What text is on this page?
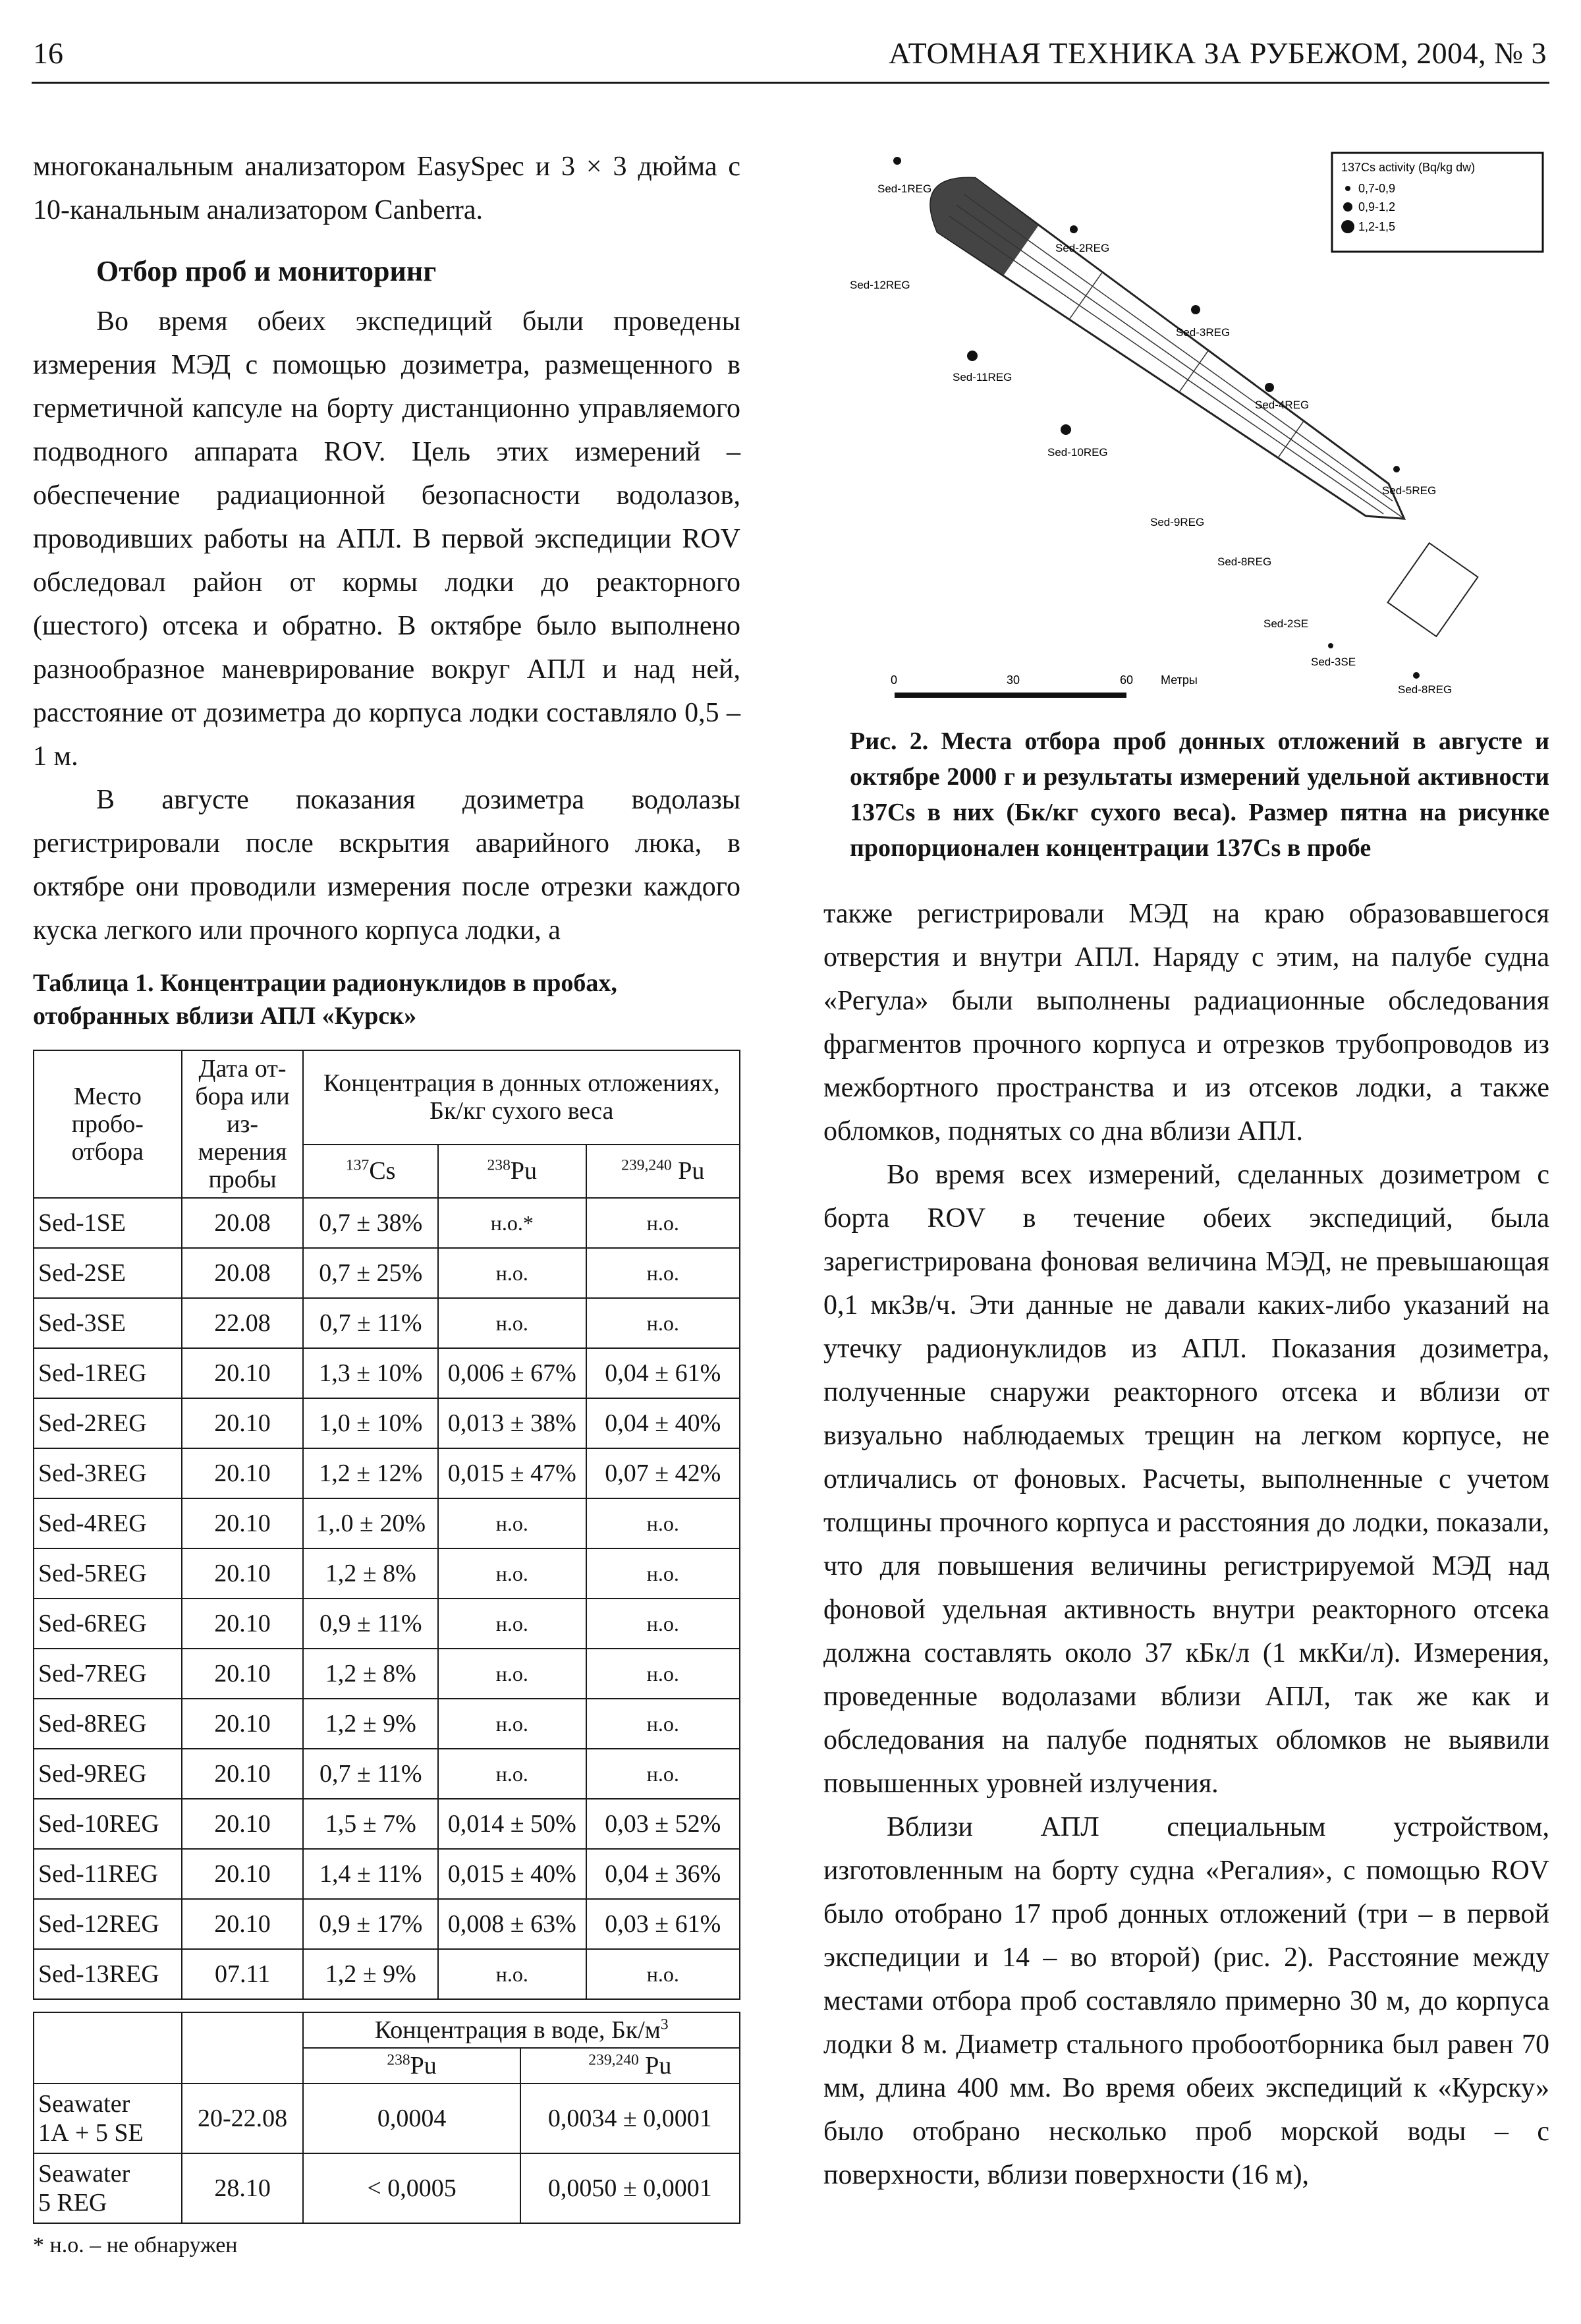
16	АТОМНАЯ ТЕХНИКА ЗА РУБЕЖОМ, 2004, № 3

многоканальным анализатором EasySpec и 3 × 3 дюйма с 10-канальным анализатором Canberra.

Отбор проб и мониторинг

Во время обеих экспедиций были проведены измерения МЭД с помощью дозиметра, размещенного в герметичной капсуле на борту дистанционно управляемого подводного аппарата ROV. Цель этих измерений – обеспечение радиационной безопасности водолазов, проводивших работы на АПЛ. В первой экспедиции ROV обследовал район от кормы лодки до реакторного (шестого) отсека и обратно. В октябре было выполнено разнообразное маневрирование вокруг АПЛ и над ней, расстояние от дозиметра до корпуса лодки составляло 0,5 – 1 м.

В августе показания дозиметра водолазы регистрировали после вскрытия аварийного люка, в октябре они проводили измерения после отрезки каждого куска легкого или прочного корпуса лодки, а

Таблица 1. Концентрации радионуклидов в пробах, отобранных вблизи АПЛ «Курск»
Место пробо-отбора	Дата от-бора или из-мерения пробы	Концентрация в донных отложениях, Бк/кг сухого веса		
		$^{137}$Cs	$^{238}$Pu	$^{239,240}$ Pu
Sed-1SE	20.08	0,7 ± 38%	н.о.*	н.о.
Sed-2SE	20.08	0,7 ± 25%	н.о.	н.о.
Sed-3SE	22.08	0,7 ± 11%	н.о.	н.о.
Sed-1REG	20.10	1,3 ± 10%	0,006 ± 67%	0,04 ± 61%
Sed-2REG	20.10	1,0 ± 10%	0,013 ± 38%	0,04 ± 40%
Sed-3REG	20.10	1,2 ± 12%	0,015 ± 47%	0,07 ± 42%
Sed-4REG	20.10	1,.0 ± 20%	н.о.	н.о.
Sed-5REG	20.10	1,2 ± 8%	н.о.	н.о.
Sed-6REG	20.10	0,9 ± 11%	н.о.	н.о.
Sed-7REG	20.10	1,2 ± 8%	н.о.	н.о.
Sed-8REG	20.10	1,2 ± 9%	н.о.	н.о.
Sed-9REG	20.10	0,7 ± 11%	н.о.	н.о.
Sed-10REG	20.10	1,5 ± 7%	0,014 ± 50%	0,03 ± 52%
Sed-11REG	20.10	1,4 ± 11%	0,015 ± 40%	0,04 ± 36%
Sed-12REG	20.10	0,9 ± 17%	0,008 ± 63%	0,03 ± 61%
Sed-13REG	07.11	1,2 ± 9%	н.о.	н.о.
		Концентрация в воде, $Бк/м^3$
		$^{238}$Pu	$^{239,240}$ Pu

Seawater
1А + 5 SE	20-22.08	0,0004	0,0034 ± 0,0001

Seawater
5 REG	28.10	< 0,0005	0,0050 ± 0,0001
* н.о. – не обнаружен
137Cs activity (Bq/kg dw)
0,7-0,9
0,9-1,2
1,2-1,5
Sed-1REG
Sed-2REG
Sed-12REG
Sed-3REG
Sed-11REG
Sed-4REG
Sed-10REG
Sed-5REG
Sed-9REG
Sed-8REG
Sed-2SE
Sed-3SE
Sed-8REG
0	30	60 Метры
Рис. 2. Места отбора проб донных отложений в августе и октябре 2000 г и результаты измерений удельной активности 137Cs в них (Бк/кг сухого веса). Размер пятна на рисунке пропорционален концентрации 137Cs в пробе

также регистрировали МЭД на краю образовавшегося отверстия и внутри АПЛ. Наряду с этим, на палубе судна «Регула» были выполнены радиационные обследования фрагментов прочного корпуса и отрезков трубопроводов из межбортного пространства и из отсеков лодки, а также обломков, поднятых со дна вблизи АПЛ.

Во время всех измерений, сделанных дозиметром с борта ROV в течение обеих экспедиций, была зарегистрирована фоновая величина МЭД, не превышающая 0,1 мкЗв/ч. Эти данные не давали каких-либо указаний на утечку радионуклидов из АПЛ. Показания дозиметра, полученные снаружи реакторного отсека и вблизи от визуально наблюдаемых трещин на легком корпусе, не отличались от фоновых. Расчеты, выполненные с учетом толщины прочного корпуса и расстояния до лодки, показали, что для повышения величины регистрируемой МЭД над фоновой удельная активность внутри реакторного отсека должна составлять около 37 кБк/л (1 мкКи/л). Измерения, проведенные водолазами вблизи АПЛ, так же как и обследования на палубе поднятых обломков не выявили повышенных уровней излучения.

Вблизи АПЛ специальным устройством, изготовленным на борту судна «Регалия», с помощью ROV было отобрано 17 проб донных отложений (три – в первой экспедиции и 14 – во второй) (рис. 2). Расстояние между местами отбора проб составляло примерно 30 м, до корпуса лодки 8 м. Диаметр стального пробоотборника был равен 70 мм, длина 400 мм. Во время обеих экспедиций к «Курску» было отобрано несколько проб морской воды – с поверхности, вблизи поверхности (16 м),
